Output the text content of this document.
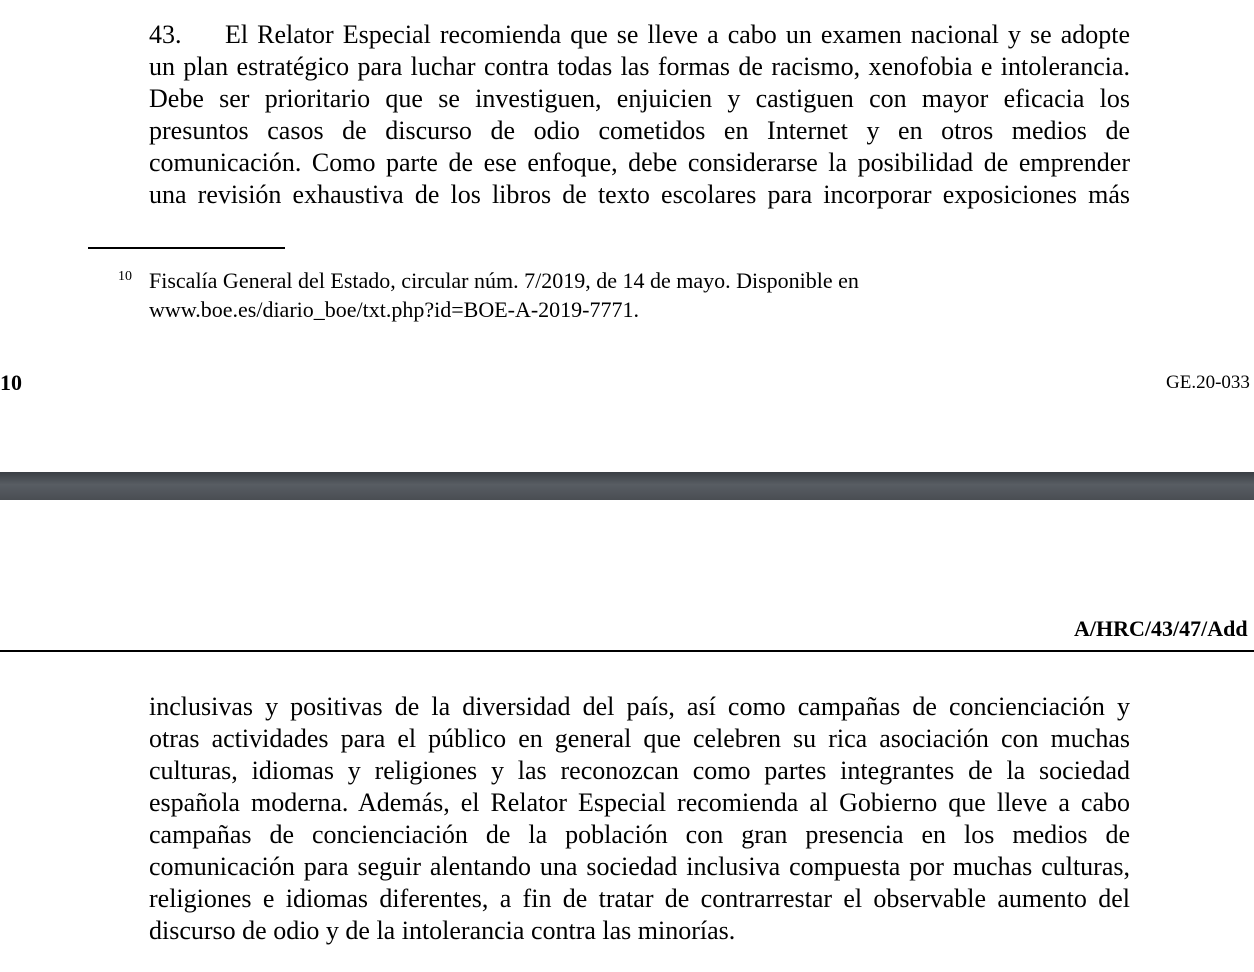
43. El Relator Especial recomienda que se lleve a cabo un examen nacional y se adopte
un plan estratégico para luchar contra todas las formas de racismo, xenofobia e intolerancia.
Debe ser prioritario que se investiguen, enjuicien y castiguen con mayor eficacia los
presuntos casos de discurso de odio cometidos en Internet y en otros medios de
comunicación. Como parte de ese enfoque, debe considerarse la posibilidad de emprender
una revisión exhaustiva de los libros de texto escolares para incorporar exposiciones más
10 Fiscalía General del Estado, circular núm. 7/2019, de 14 de mayo. Disponible en
www.boe.es/diario_boe/txt.php?id=BOE-A-2019-7771.
10	GE.20-033
A/HRC/43/47/Add
inclusivas y positivas de la diversidad del país, así como campañas de concienciación y
otras actividades para el público en general que celebren su rica asociación con muchas
culturas, idiomas y religiones y las reconozcan como partes integrantes de la sociedad
española moderna. Además, el Relator Especial recomienda al Gobierno que lleve a cabo
campañas de concienciación de la población con gran presencia en los medios de
comunicación para seguir alentando una sociedad inclusiva compuesta por muchas culturas,
religiones e idiomas diferentes, a fin de tratar de contrarrestar el observable aumento del
discurso de odio y de la intolerancia contra las minorías.
